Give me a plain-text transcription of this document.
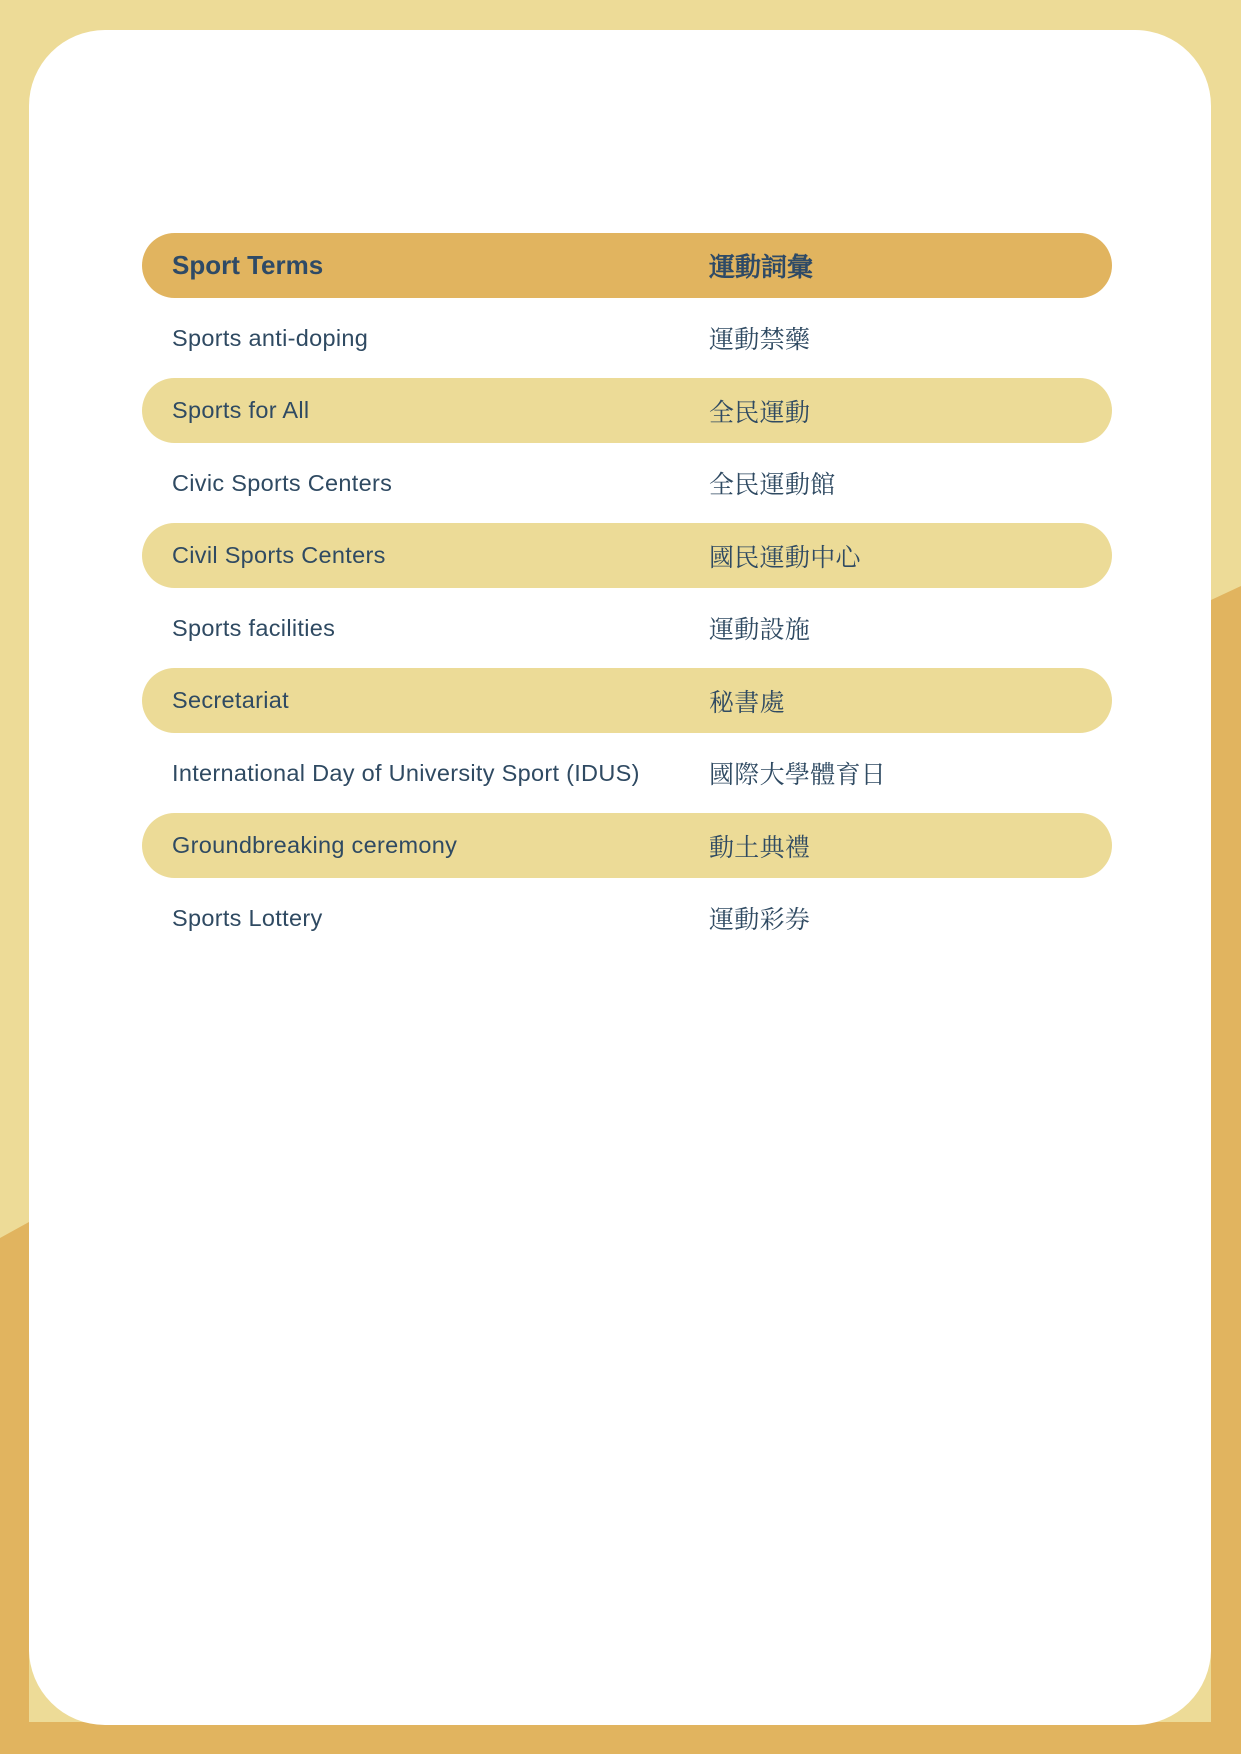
Sport Terms	運動詞彙
Sports anti-doping	運動禁藥
Sports for All	全民運動
Civic Sports Centers	全民運動館
Civil Sports Centers	國民運動中心
Sports facilities	運動設施
Secretariat	秘書處
International Day of University Sport (IDUS)	國際大學體育日
Groundbreaking ceremony	動土典禮
Sports Lottery	運動彩券
